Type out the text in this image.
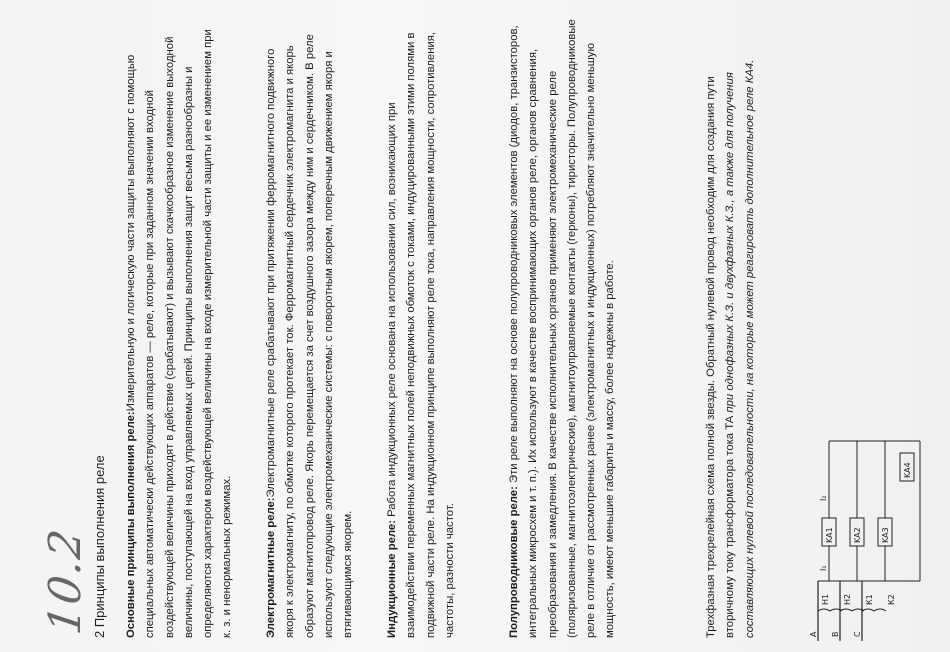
10.2 2 Принципы выполнения реле Основные принципы выполнения реле:Измерительную и логическую части защиты выполняют с помощью специальных автоматически действующих аппаратов — реле, которые при заданном значении входной воздействующей величины приходят в действие (срабатывают) и вызывают скачкообразное изменение выходной величины, поступающей на вход управляемых цепей. Принципы выполнения защит весьма разнообразны и определяются характером воздействующей величины на входе измерительной части защиты и ее изменением при к. з. и ненормальных режимах.	Электромагнитные реле:Электромагнитные реле срабатывают при притяжении ферромагнитного подвижного якоря к электромагниту, по обмотке которого протекает ток. Ферромагнитный сердечник электромагнита и якорь образуют магнитопровод реле. Якорь перемещается за счет воздушного зазора между ним и сердечником. В реле используют следующие электромеханические системы: с поворотным якорем, поперечным движением якоря и втягивающимся якорем.	Индукционные реле: Работа индукционных реле основана на использовании сил, возникающих при взаимодействии переменных магнитных полей неподвижных обмоток с токами, индуцированными этими полями в подвижной части реле. На индукционном принципе выполняют реле тока, направления мощности, сопротивления, частоты, разности частот.	Полупроводниковые реле: Эти реле выполняют на основе полупроводниковых элементов (диодов, транзисторов, интегральных микросхем и т. п.). Их используют в качестве воспринимающих органов реле, органов сравнения, преобразования и замедления. В качестве исполнительных органов применяют электромеханические реле (поляризованные, магнитоэлектрические), магнитоуправляемые контакты (герконы), тиристоры. Полупроводниковые реле в отличие от рассмотренных ранее (электромагнитных и индукционных) потребляют значительно меньшую мощность, имеют меньшие габариты и массу, более надежны в работе.	Трехфазная трехрелейная схема полной звезды. Обратный нулевой провод необходим для создания пути вторичному току трансформатора тока ТА при однофазных К.З. и двухфазных К.З., а также для получения составляющих нулевой последовательности, на которые может реагировать дополнительное реле КА4.	A B C
KA1 KA2 KA3
KA4
Н1 Н2 К1 К2
I₁
I₂
